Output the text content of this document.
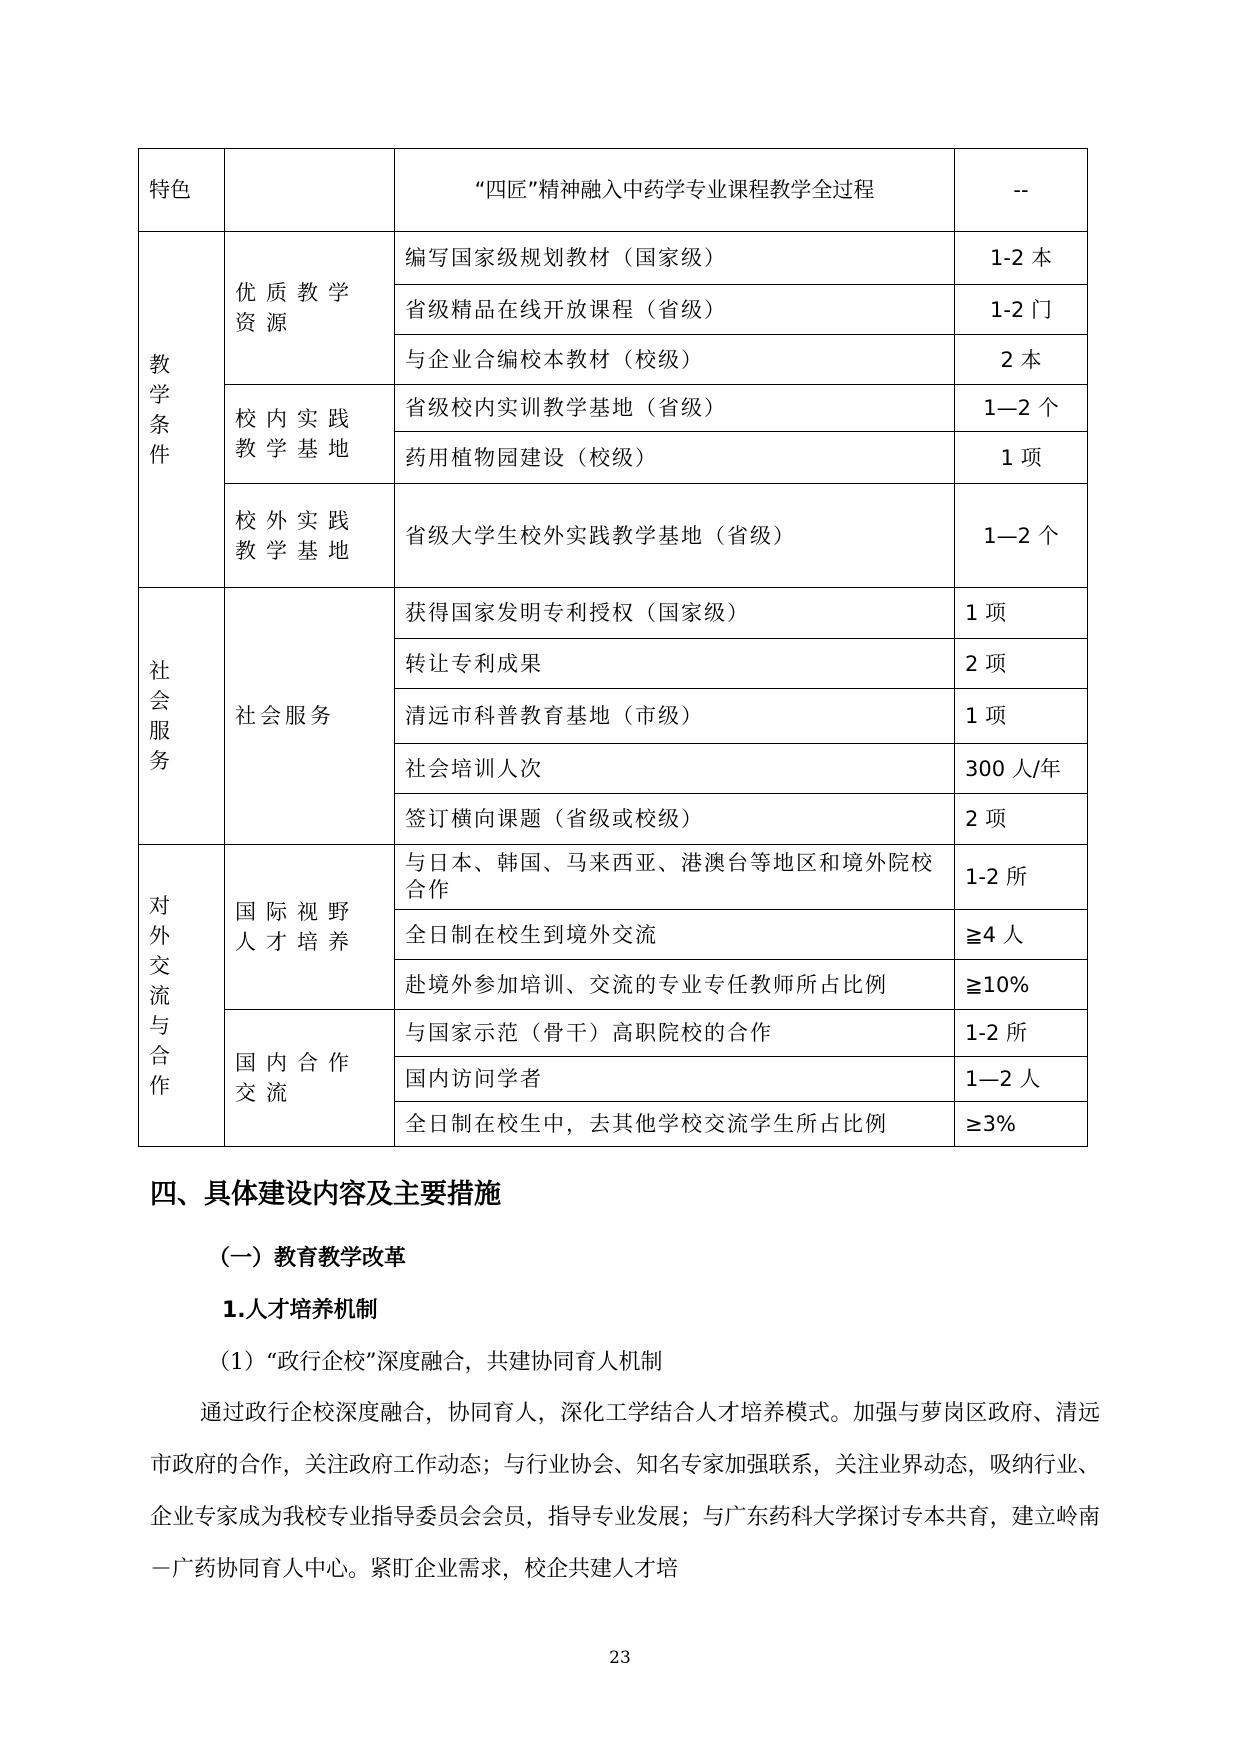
特色		“四匠”精神融入中药学专业课程教学全过程	--
教学条件	优质教学资源	编写国家级规划教材（国家级）	1-2 本
		省级精品在线开放课程（省级）	1-2 门
		与企业合编校本教材（校级）	2 本
	校内实践教学基地	省级校内实训教学基地（省级）	1—2 个
		药用植物园建设（校级）	1 项
	校外实践教学基地	省级大学生校外实践教学基地（省级）	1—2 个
社会服务	社会服务	获得国家发明专利授权（国家级）	1 项
		转让专利成果	2 项
		清远市科普教育基地（市级）	1 项
		社会培训人次	300 人/年
		签订横向课题（省级或校级）	2 项
对外交流与合作	国际视野人才培养	与日本、韩国、马来西亚、港澳台等地区和境外院校合作	1-2 所
		全日制在校生到境外交流	≧4 人
		赴境外参加培训、交流的专业专任教师所占比例	≧10%
	国内合作交流	与国家示范（骨干）高职院校的合作	1-2 所
		国内访问学者	1—2 人
		全日制在校生中，去其他学校交流学生所占比例	≥3%
四、具体建设内容及主要措施
（一）教育教学改革
1.人才培养机制
（1）“政行企校”深度融合，共建协同育人机制
通过政行企校深度融合，协同育人，深化工学结合人才培养模式。加强与萝岗区政府、清远市政府的合作，关注政府工作动态；与行业协会、知名专家加强联系，关注业界动态，吸纳行业、企业专家成为我校专业指导委员会会员，指导专业发展；与广东药科大学探讨专本共育，建立岭南－广药协同育人中心。紧盯企业需求，校企共建人才培
23
